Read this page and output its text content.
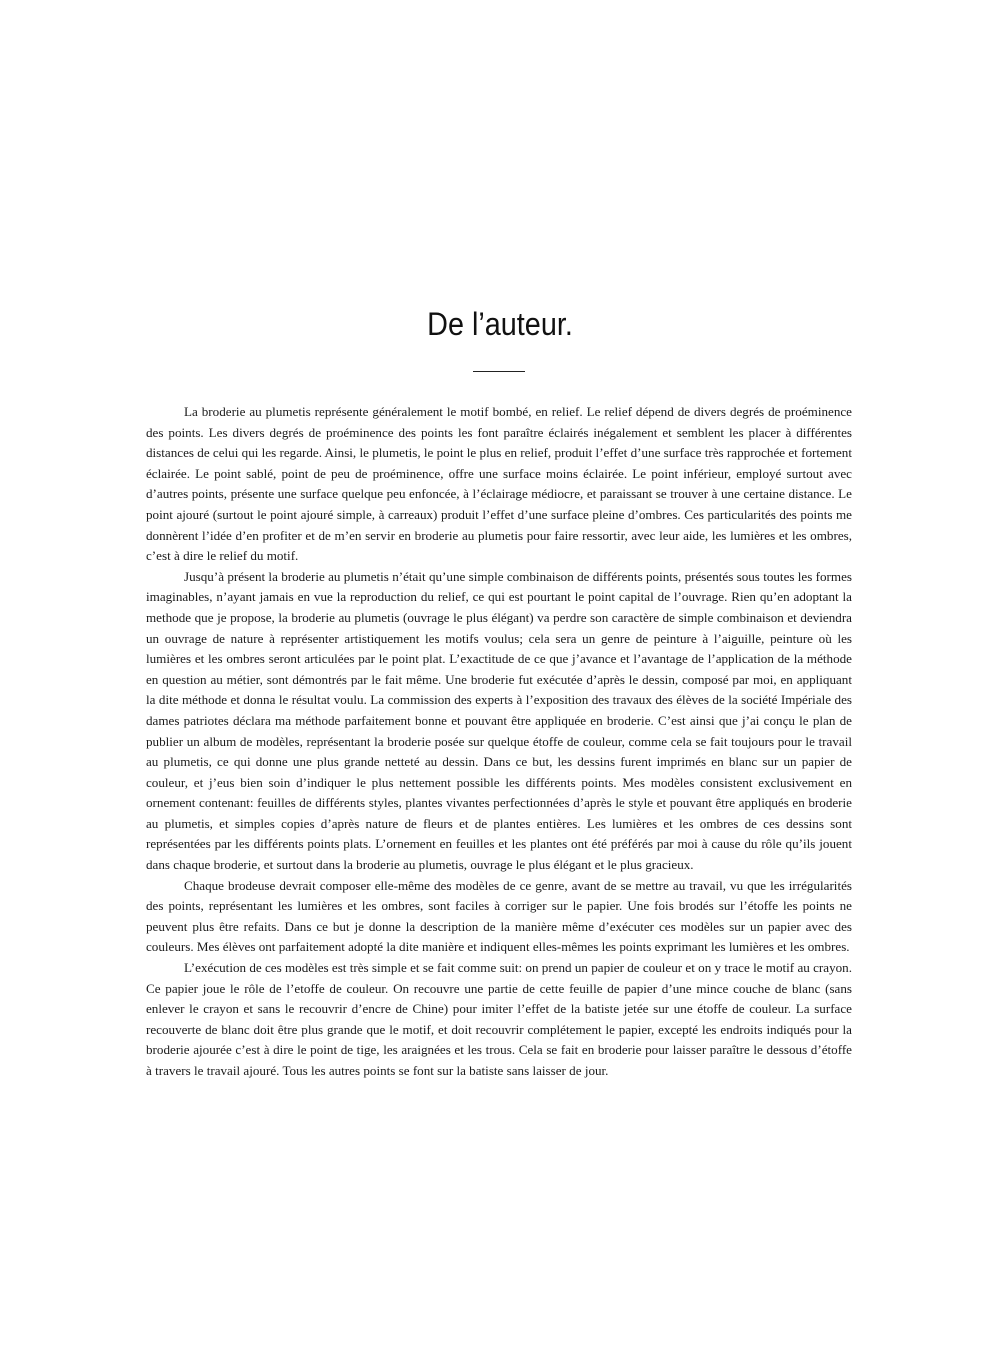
De l’auteur.

La broderie au plumetis représente généralement le motif bombé, en relief. Le relief dépend de divers degrés de proéminence des points. Les divers degrés de proéminence des points les font paraître éclairés inégalement et semblent les placer à différentes distances de celui qui les regarde. Ainsi, le plumetis, le point le plus en relief, produit l’effet d’une surface très rapprochée et fortement éclairée. Le point sablé, point de peu de proéminence, offre une surface moins éclairée. Le point inférieur, employé surtout avec d’autres points, présente une surface quelque peu enfoncée, à l’éclairage médiocre, et paraissant se trouver à une certaine distance. Le point ajouré (surtout le point ajouré simple, à carreaux) produit l’effet d’une surface pleine d’ombres. Ces particularités des points me donnèrent l’idée d’en profiter et de m’en servir en broderie au plumetis pour faire ressortir, avec leur aide, les lumières et les ombres, c’est à dire le relief du motif.

Jusqu’à présent la broderie au plumetis n’était qu’une simple combinaison de différents points, présentés sous toutes les formes imaginables, n’ayant jamais en vue la reproduction du relief, ce qui est pourtant le point capital de l’ouvrage. Rien qu’en adoptant la methode que je propose, la broderie au plumetis (ouvrage le plus élégant) va perdre son caractère de simple combinaison et deviendra un ouvrage de nature à représenter artistiquement les motifs voulus; cela sera un genre de peinture à l’aiguille, peinture où les lumières et les ombres seront articulées par le point plat. L’exactitude de ce que j’avance et l’avantage de l’application de la méthode en question au métier, sont démontrés par le fait même. Une broderie fut exécutée d’après le dessin, composé par moi, en appliquant la dite méthode et donna le résultat voulu. La commission des experts à l’exposition des travaux des élèves de la société Impériale des dames patriotes déclara ma méthode parfaitement bonne et pouvant être appliquée en broderie. C’est ainsi que j’ai conçu le plan de publier un album de modèles, représentant la broderie posée sur quelque étoffe de couleur, comme cela se fait toujours pour le travail au plumetis, ce qui donne une plus grande netteté au dessin. Dans ce but, les dessins furent imprimés en blanc sur un papier de couleur, et j’eus bien soin d’indiquer le plus nettement possible les différents points. Mes modèles consistent exclusivement en ornement contenant: feuilles de différents styles, plantes vivantes perfectionnées d’après le style et pouvant être appliqués en broderie au plumetis, et simples copies d’après nature de fleurs et de plantes entières. Les lumières et les ombres de ces dessins sont représentées par les différents points plats. L’ornement en feuilles et les plantes ont été préférés par moi à cause du rôle qu’ils jouent dans chaque broderie, et surtout dans la broderie au plumetis, ouvrage le plus élégant et le plus gracieux.

Chaque brodeuse devrait composer elle-même des modèles de ce genre, avant de se mettre au travail, vu que les irrégularités des points, représentant les lumières et les ombres, sont faciles à corriger sur le papier. Une fois brodés sur l’étoffe les points ne peuvent plus être refaits. Dans ce but je donne la description de la manière même d’exécuter ces modèles sur un papier avec des couleurs. Mes élèves ont parfaitement adopté la dite manière et indiquent elles-mêmes les points exprimant les lumières et les ombres.

L’exécution de ces modèles est très simple et se fait comme suit: on prend un papier de couleur et on y trace le motif au crayon. Ce papier joue le rôle de l’etoffe de couleur. On recouvre une partie de cette feuille de papier d’une mince couche de blanc (sans enlever le crayon et sans le recouvrir d’encre de Chine) pour imiter l’effet de la batiste jetée sur une étoffe de couleur. La surface recouverte de blanc doit être plus grande que le motif, et doit recouvrir complétement le papier, excepté les endroits indiqués pour la broderie ajourée c’est à dire le point de tige, les araignées et les trous. Cela se fait en broderie pour laisser paraître le dessous d’étoffe à travers le travail ajouré. Tous les autres points se font sur la batiste sans laisser de jour.
